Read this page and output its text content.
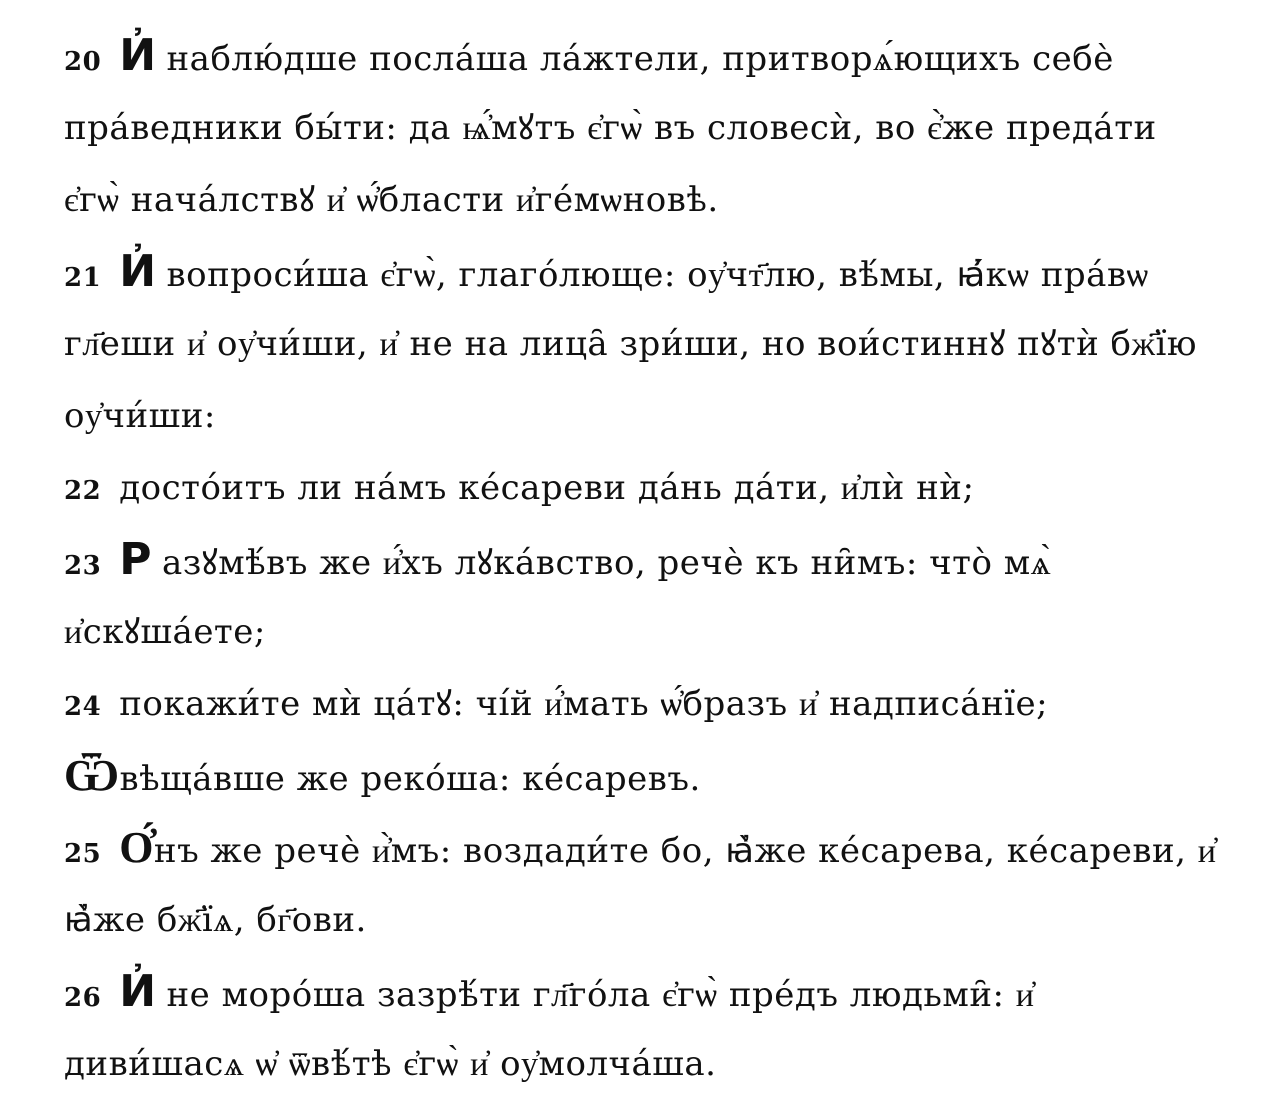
20 И҆ наблю́дше посла́ша ла́жтели, притворѧ́ющихъ себѐ
пра́ведники бы́ти: да ѩ҆́мꙋтъ є҆гѡ̀ въ словесѝ, во є҆̀же преда́ти
є҆гѡ̀ нача́лствꙋ и҆ ѡ҆́бласти и҆ге́мѡновѣ.
21 И҆ вопроси́ша є҆гѡ̀, глаго́люще: оу҆чт҃лю, вѣ́мы, ꙗ҆́кѡ пра́вѡ
гл҃еши и҆ оу҆чи́ши, и҆ не на лица̑ зри́ши, но вои́стиннꙋ пꙋтѝ бж҃їю
оу҆чи́ши:
22 досто́итъ ли на́мъ ке́сареви да́нь да́ти, и҆лѝ нѝ;
23 Р азꙋмѣ́въ же и҆́хъ лꙋка́вство, речѐ къ ни̑мъ: что̀ мѧ̀
и҆скꙋша́ете;
24 покажи́те мѝ ца́тꙋ: чі́й и҆́мать ѡ҆́бразъ и҆ надписа́нїе;
Ѿвѣща́вше же реко́ша: ке́саревъ.
25 О҆́нъ же речѐ и҆̀мъ: воздади́те бо, ꙗ҆̀же ке́сарева, ке́сареви, и҆
ꙗ҆̀же бж҃їѧ, бг҃ови.
26 И҆ не моро́ша зазрѣ́ти гл҃го́ла є҆гѡ̀ пре́дъ людьми̑: и҆
диви́шасѧ ѡ҆ ѿвѣ́тѣ є҆гѡ̀ и҆ оу҆молча́ша.
